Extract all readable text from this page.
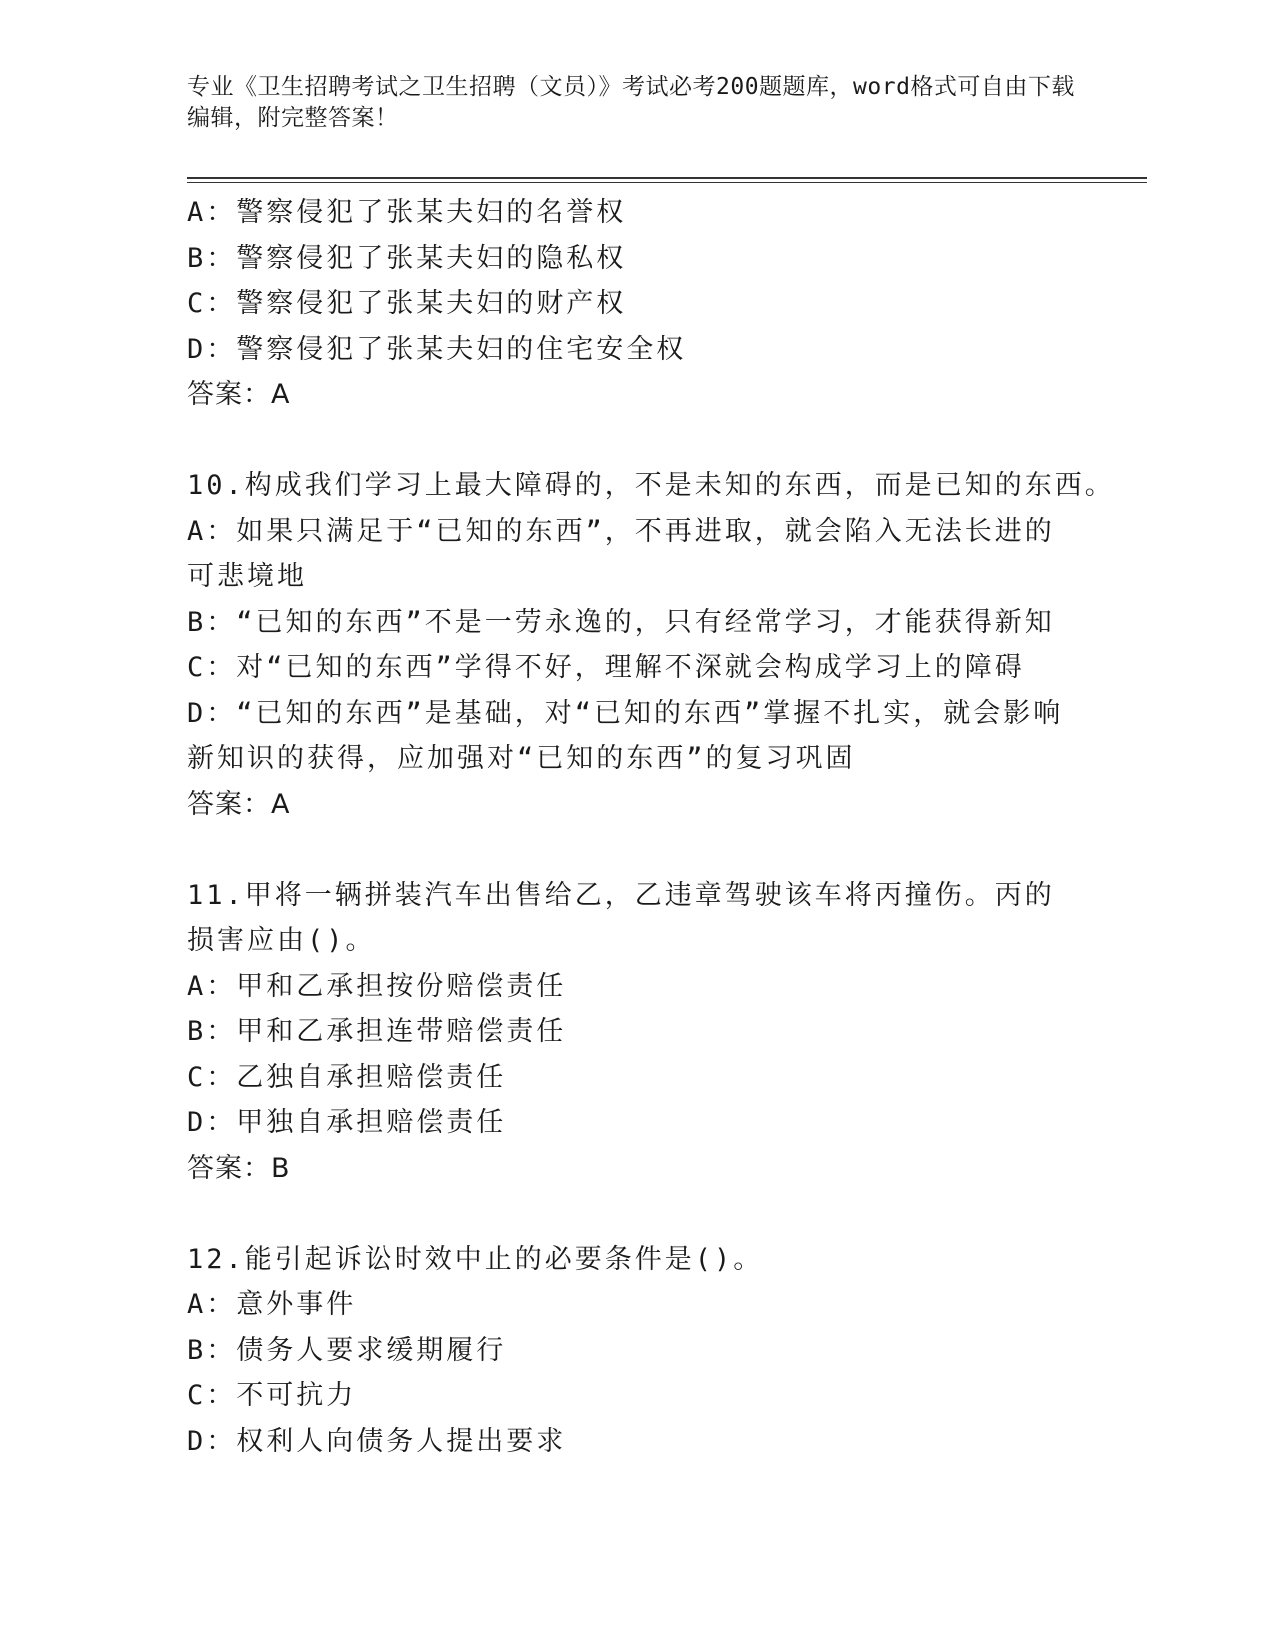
专业《卫生招聘考试之卫生招聘（文员）》考试必考200题题库，word格式可自由下载编辑，附完整答案！
A：警察侵犯了张某夫妇的名誉权
B：警察侵犯了张某夫妇的隐私权
C：警察侵犯了张某夫妇的财产权
D：警察侵犯了张某夫妇的住宅安全权
答案：A
10.构成我们学习上最大障碍的，不是未知的东西，而是已知的东西。
A：如果只满足于“已知的东西”，不再进取，就会陷入无法长进的可悲境地
B：“已知的东西”不是一劳永逸的，只有经常学习，才能获得新知
C：对“已知的东西”学得不好，理解不深就会构成学习上的障碍
D：“已知的东西”是基础，对“已知的东西”掌握不扎实，就会影响新知识的获得，应加强对“已知的东西”的复习巩固
答案：A
11.甲将一辆拼装汽车出售给乙，乙违章驾驶该车将丙撞伤。丙的损害应由()。
A：甲和乙承担按份赔偿责任
B：甲和乙承担连带赔偿责任
C：乙独自承担赔偿责任
D：甲独自承担赔偿责任
答案：B
12.能引起诉讼时效中止的必要条件是()。
A：意外事件
B：债务人要求缓期履行
C：不可抗力
D：权利人向债务人提出要求
